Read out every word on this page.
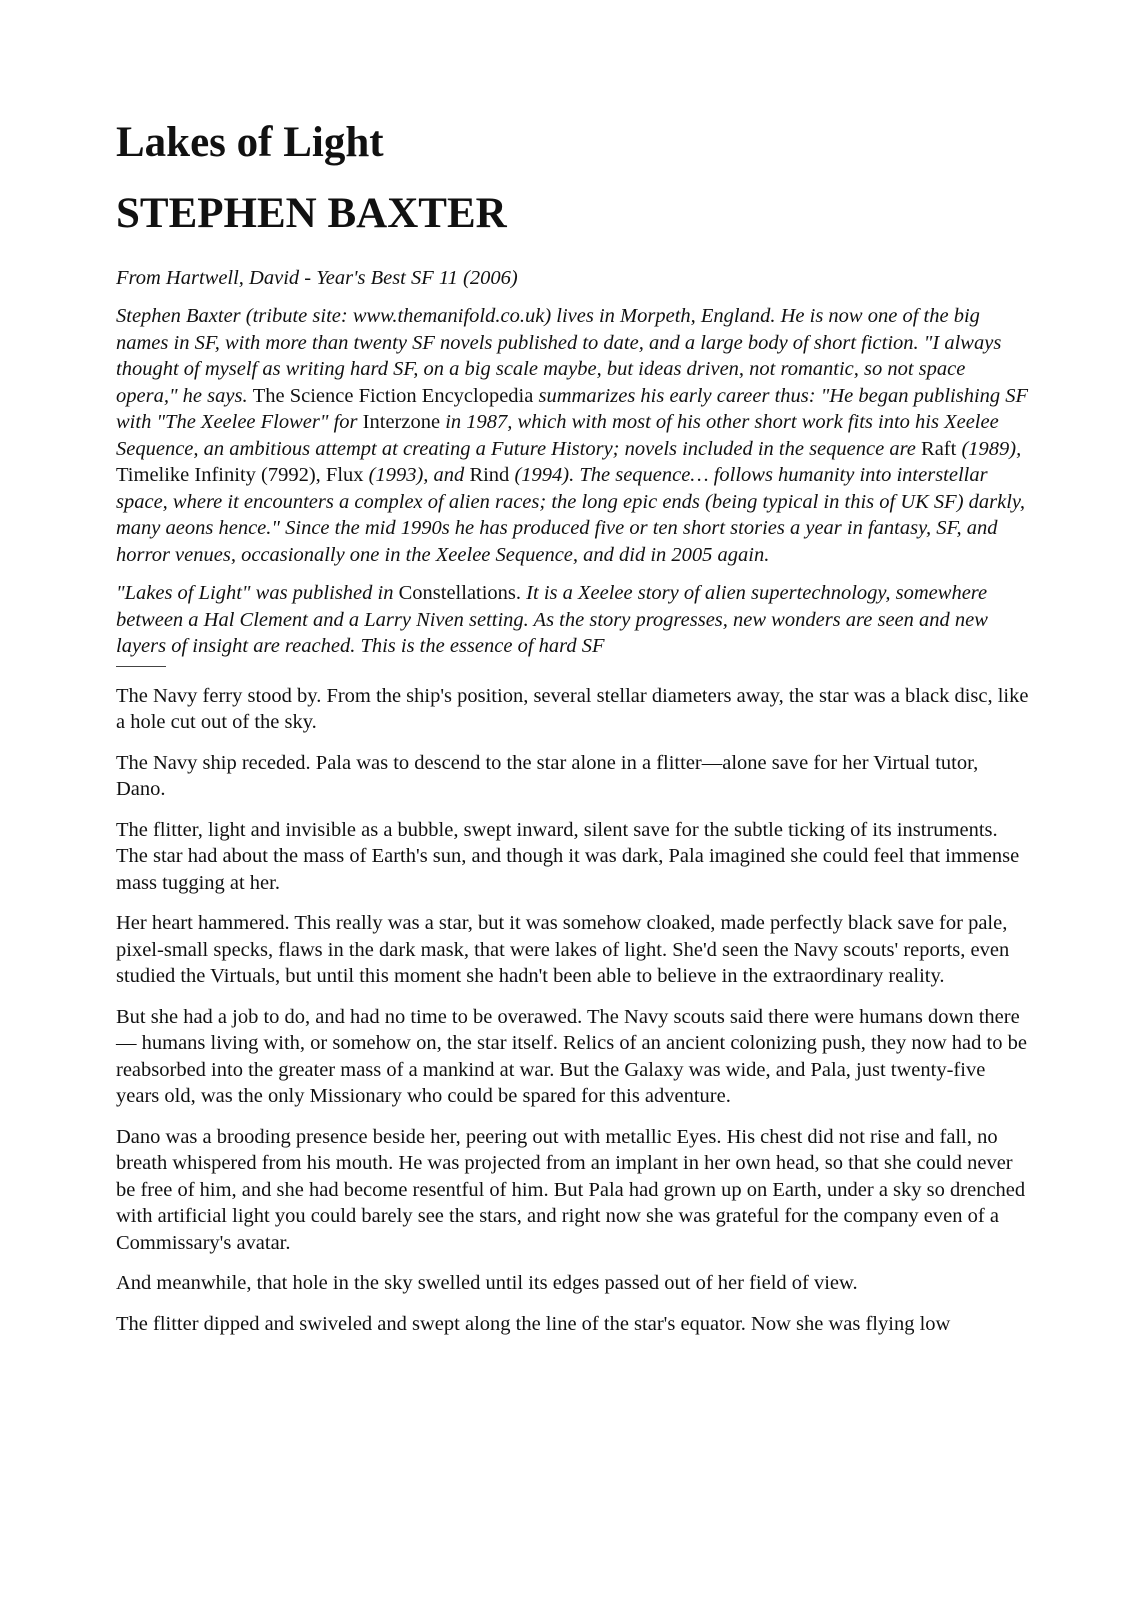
Lakes of Light
STEPHEN BAXTER

From Hartwell, David - Year's Best SF 11 (2006)

Stephen Baxter (tribute site: www.themanifold.co.uk) lives in Morpeth, England. He is now one of the big names in SF, with more than twenty SF novels published to date, and a large body of short fiction. "I always thought of myself as writing hard SF, on a big scale maybe, but ideas driven, not romantic, so not space opera," he says. The Science Fiction Encyclopedia summarizes his early career thus: "He began publishing SF with "The Xeelee Flower" for Interzone in 1987, which with most of his other short work fits into his Xeelee Sequence, an ambitious attempt at creating a Future History; novels included in the sequence are Raft (1989), Timelike Infinity (7992), Flux (1993), and Rind (1994). The sequence… follows humanity into interstellar space, where it encounters a complex of alien races; the long epic ends (being typical in this of UK SF) darkly, many aeons hence." Since the mid 1990s he has produced five or ten short stories a year in fantasy, SF, and horror venues, occasionally one in the Xeelee Sequence, and did in 2005 again.

"Lakes of Light" was published in Constellations. It is a Xeelee story of alien supertechnology, somewhere between a Hal Clement and a Larry Niven setting. As the story progresses, new wonders are seen and new layers of insight are reached. This is the essence of hard SF

The Navy ferry stood by. From the ship's position, several stellar diameters away, the star was a black disc, like a hole cut out of the sky.

The Navy ship receded. Pala was to descend to the star alone in a flitter—alone save for her Virtual tutor, Dano.

The flitter, light and invisible as a bubble, swept inward, silent save for the subtle ticking of its instruments. The star had about the mass of Earth's sun, and though it was dark, Pala imagined she could feel that immense mass tugging at her.

Her heart hammered. This really was a star, but it was somehow cloaked, made perfectly black save for pale, pixel-small specks, flaws in the dark mask, that were lakes of light. She'd seen the Navy scouts' reports, even studied the Virtuals, but until this moment she hadn't been able to believe in the extraordinary reality.

But she had a job to do, and had no time to be overawed. The Navy scouts said there were humans down there— humans living with, or somehow on, the star itself. Relics of an ancient colonizing push, they now had to be reabsorbed into the greater mass of a mankind at war. But the Galaxy was wide, and Pala, just twenty-five years old, was the only Missionary who could be spared for this adventure.

Dano was a brooding presence beside her, peering out with metallic Eyes. His chest did not rise and fall, no breath whispered from his mouth. He was projected from an implant in her own head, so that she could never be free of him, and she had become resentful of him. But Pala had grown up on Earth, under a sky so drenched with artificial light you could barely see the stars, and right now she was grateful for the company even of a Commissary's avatar.

And meanwhile, that hole in the sky swelled until its edges passed out of her field of view.

The flitter dipped and swiveled and swept along the line of the star's equator. Now she was flying low
